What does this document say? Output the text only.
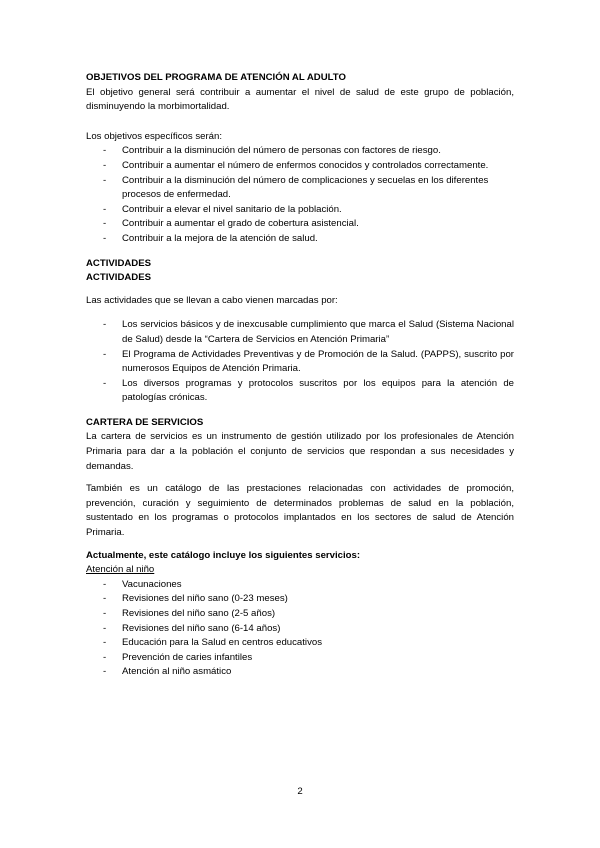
OBJETIVOS DEL PROGRAMA DE ATENCIÓN AL ADULTO

El objetivo general será contribuir a aumentar el nivel de salud de este grupo de población, disminuyendo la morbimortalidad.

Los objetivos específicos serán:

- Contribuir a la disminución del número de personas con factores de riesgo.
- Contribuir a aumentar el número de enfermos conocidos y controlados correctamente.
- Contribuir a la disminución del número de complicaciones y secuelas en los diferentes procesos de enfermedad.
- Contribuir a elevar el nivel sanitario de la población.
- Contribuir a aumentar el grado de cobertura asistencial.
- Contribuir a la mejora de la atención de salud.

ACTIVIDADES

ACTIVIDADES

Las actividades que se llevan a cabo vienen marcadas por:

- Los servicios básicos y de inexcusable cumplimiento que marca el Salud (Sistema Nacional de Salud) desde la “Cartera de Servicios en Atención Primaria”
- El Programa de Actividades Preventivas y de Promoción de la Salud. (PAPPS), suscrito por numerosos Equipos de Atención Primaria.
- Los diversos programas y protocolos suscritos por los equipos para la atención de patologías crónicas.

CARTERA DE SERVICIOS

La cartera de servicios es un instrumento de gestión utilizado por los profesionales de Atención Primaria para dar a la población el conjunto de servicios que respondan a sus necesidades y demandas.

También es un catálogo de las prestaciones relacionadas con actividades de promoción, prevención, curación y seguimiento de determinados problemas de salud en la población, sustentado en los programas o protocolos implantados en los sectores de salud de Atención Primaria.

Actualmente, este catálogo incluye los siguientes servicios:

Atención al niño

- Vacunaciones
- Revisiones del niño sano (0-23 meses)
- Revisiones del niño sano (2-5 años)
- Revisiones del niño sano (6-14 años)
- Educación para la Salud en centros educativos
- Prevención de caries infantiles
- Atención al niño asmático
2
